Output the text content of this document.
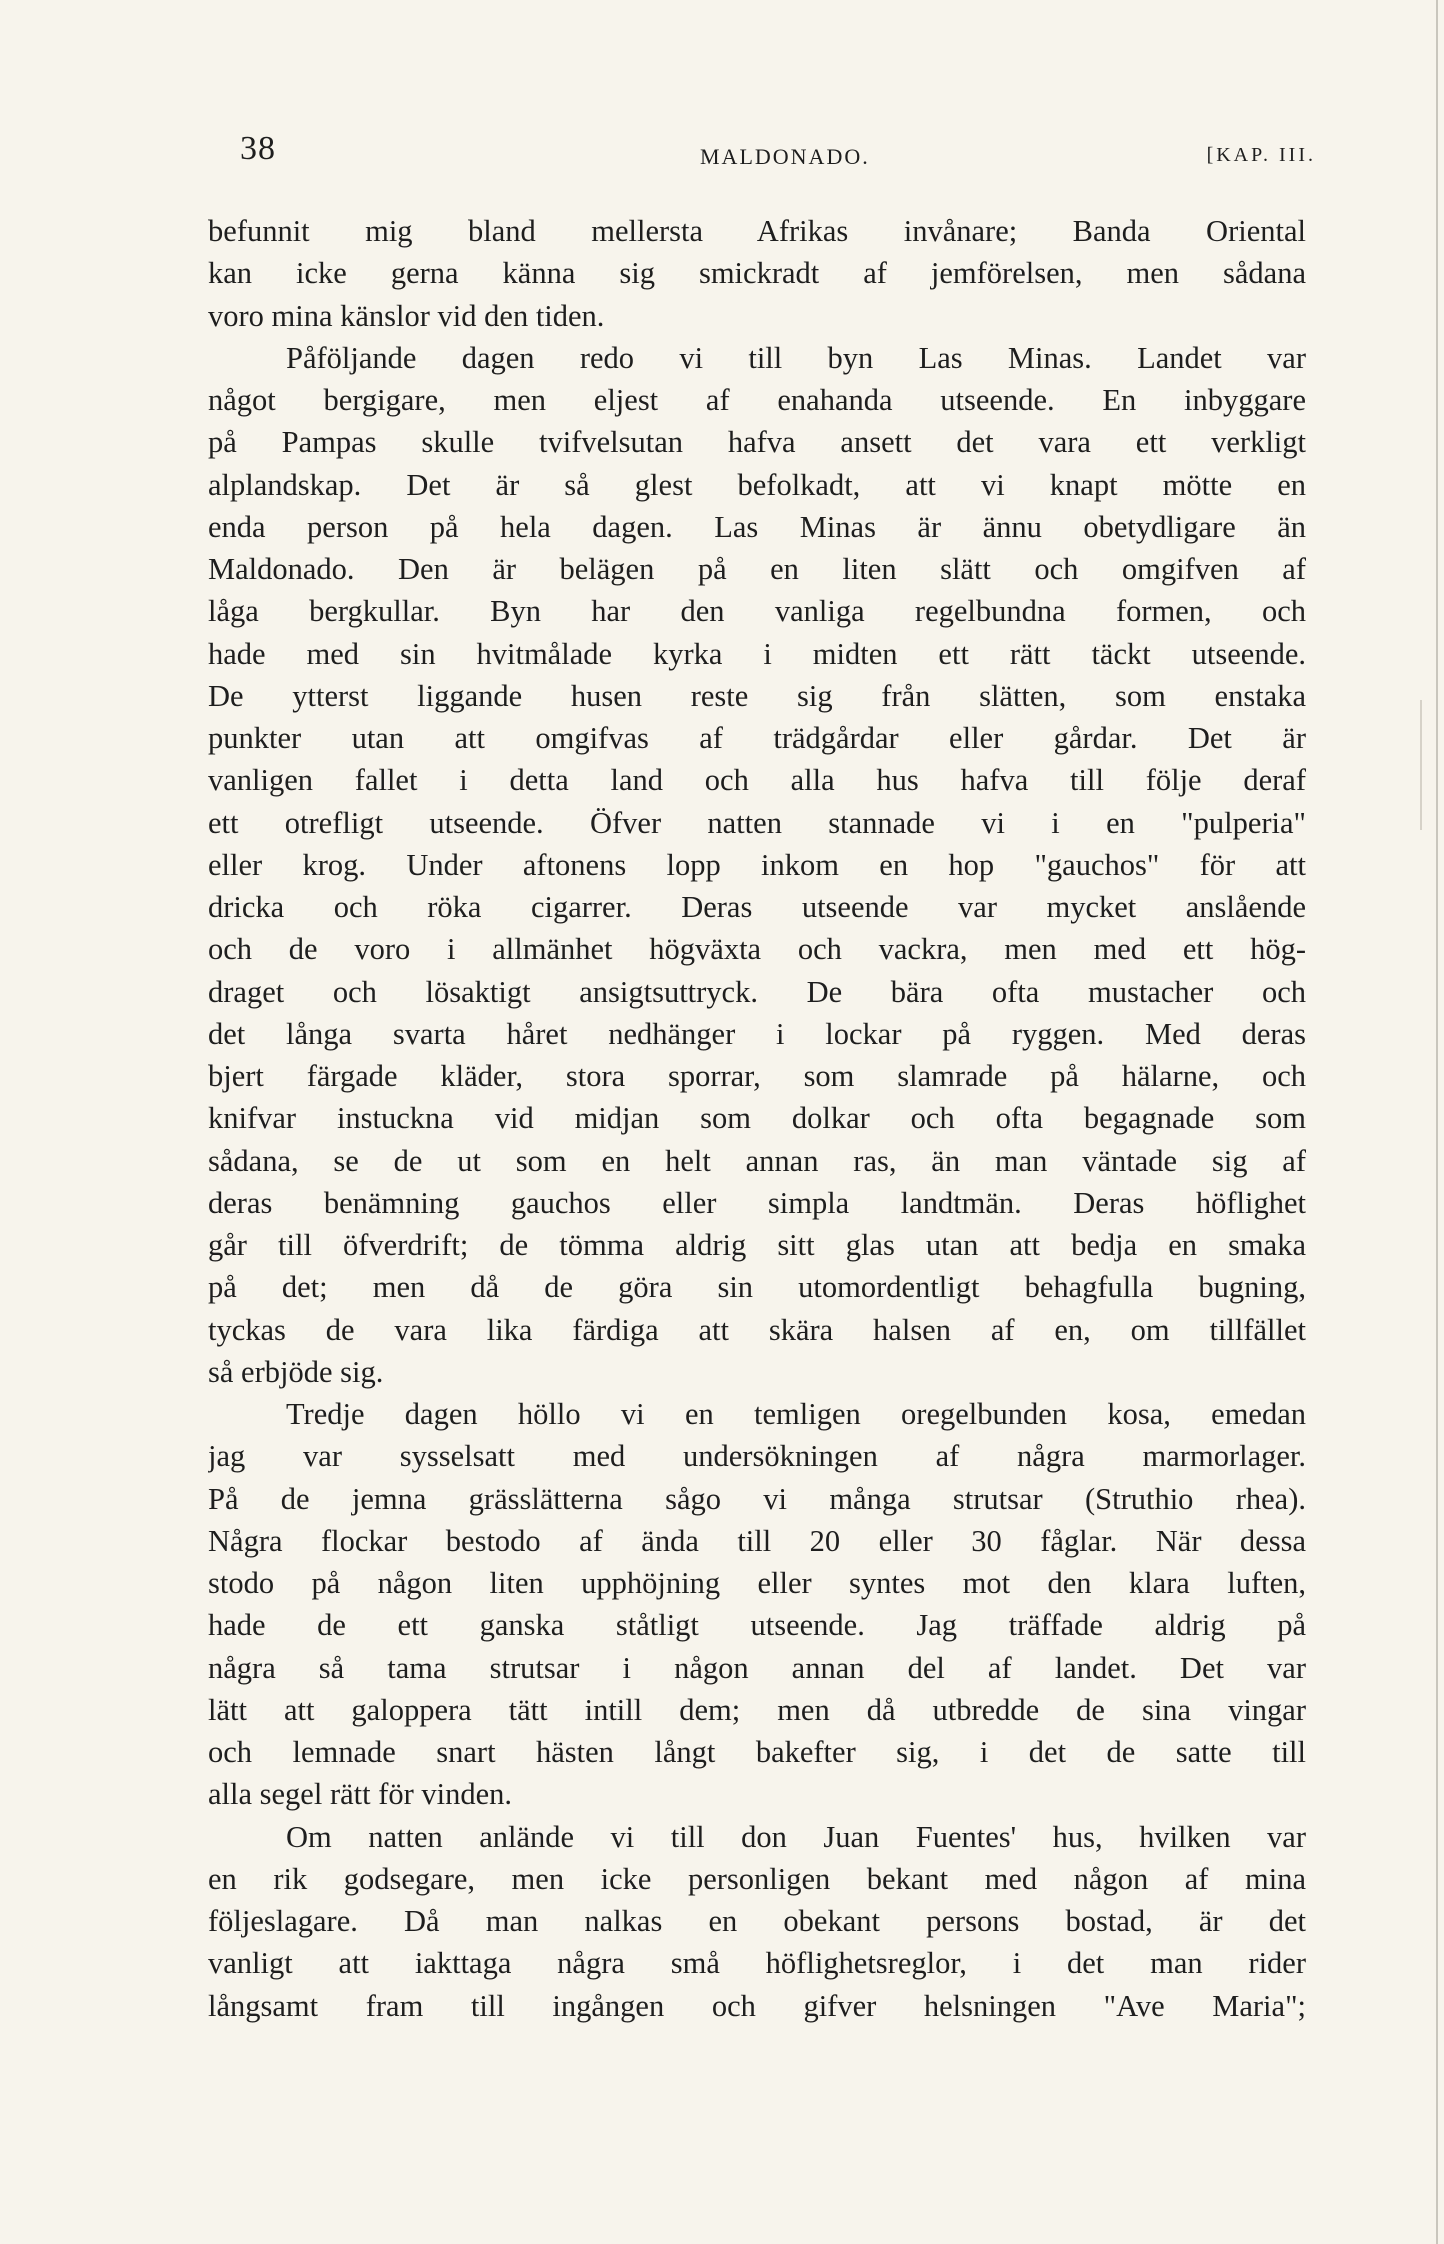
38	MALDONADO.	[KAP. III.
befunnit mig bland mellersta Afrikas invånare; Banda Oriental
kan icke gerna känna sig smickradt af jemförelsen, men sådana
voro mina känslor vid den tiden.
Påföljande dagen redo vi till byn Las Minas. Landet var
något bergigare, men eljest af enahanda utseende. En inbyggare
på Pampas skulle tvifvelsutan hafva ansett det vara ett verkligt
alplandskap. Det är så glest befolkadt, att vi knapt mötte en
enda person på hela dagen. Las Minas är ännu obetydligare än
Maldonado. Den är belägen på en liten slätt och omgifven af
låga bergkullar. Byn har den vanliga regelbundna formen, och
hade med sin hvitmålade kyrka i midten ett rätt täckt utseende.
De ytterst liggande husen reste sig från slätten, som enstaka
punkter utan att omgifvas af trädgårdar eller gårdar. Det är
vanligen fallet i detta land och alla hus hafva till följe deraf
ett otrefligt utseende. Öfver natten stannade vi i en "pulperia"
eller krog. Under aftonens lopp inkom en hop "gauchos" för att
dricka och röka cigarrer. Deras utseende var mycket anslående
och de voro i allmänhet högväxta och vackra, men med ett hög-
draget och lösaktigt ansigtsuttryck. De bära ofta mustacher och
det långa svarta håret nedhänger i lockar på ryggen. Med deras
bjert färgade kläder, stora sporrar, som slamrade på hälarne, och
knifvar instuckna vid midjan som dolkar och ofta begagnade som
sådana, se de ut som en helt annan ras, än man väntade sig af
deras benämning gauchos eller simpla landtmän. Deras höflighet
går till öfverdrift; de tömma aldrig sitt glas utan att bedja en smaka
på det; men då de göra sin utomordentligt behagfulla bugning,
tyckas de vara lika färdiga att skära halsen af en, om tillfället
så erbjöde sig.
Tredje dagen höllo vi en temligen oregelbunden kosa, emedan
jag var sysselsatt med undersökningen af några marmorlager.
På de jemna grässlätterna sågo vi många strutsar (Struthio rhea).
Några flockar bestodo af ända till 20 eller 30 fåglar. När dessa
stodo på någon liten upphöjning eller syntes mot den klara luften,
hade de ett ganska ståtligt utseende. Jag träffade aldrig på
några så tama strutsar i någon annan del af landet. Det var
lätt att galoppera tätt intill dem; men då utbredde de sina vingar
och lemnade snart hästen långt bakefter sig, i det de satte till
alla segel rätt för vinden.
Om natten anlände vi till don Juan Fuentes' hus, hvilken var
en rik godsegare, men icke personligen bekant med någon af mina
följeslagare. Då man nalkas en obekant persons bostad, är det
vanligt att iakttaga några små höflighetsreglor, i det man rider
långsamt fram till ingången och gifver helsningen "Ave Maria";
